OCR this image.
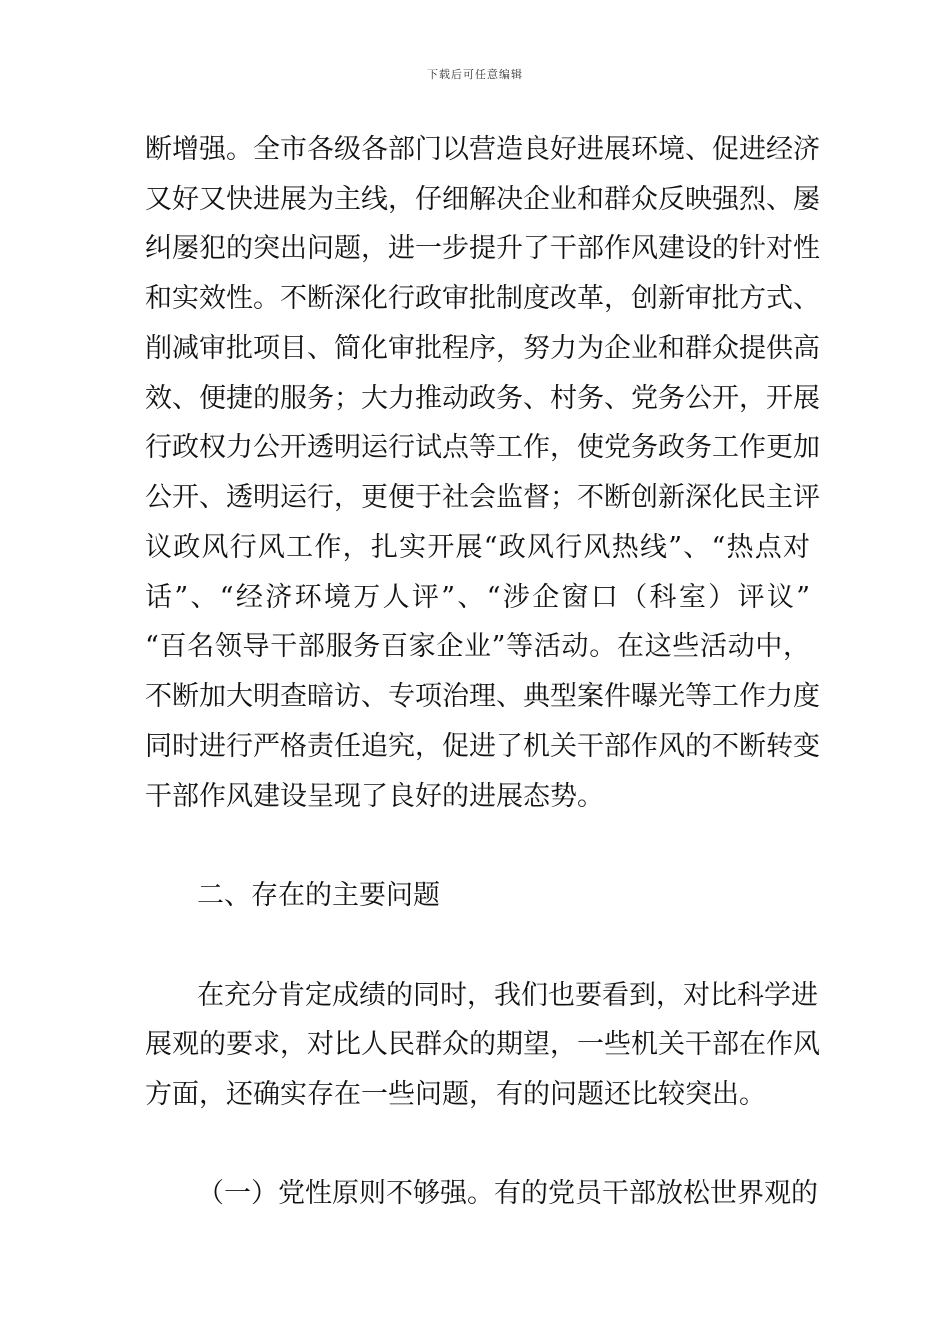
下载后可任意编辑
断增强。全市各级各部门以营造良好进展环境、促进经济
又好又快进展为主线，仔细解决企业和群众反映强烈、屡
纠屡犯的突出问题，进一步提升了干部作风建设的针对性
和实效性。不断深化行政审批制度改革，创新审批方式、
削减审批项目、简化审批程序，努力为企业和群众提供高
效、便捷的服务；大力推动政务、村务、党务公开，开展
行政权力公开透明运行试点等工作，使党务政务工作更加
公开、透明运行，更便于社会监督；不断创新深化民主评
议政风行风工作，扎实开展“政风行风热线”、“热点对
话”、“经济环境万人评”、“涉企窗口（科室）评议”
“百名领导干部服务百家企业”等活动。在这些活动中，
不断加大明查暗访、专项治理、典型案件曝光等工作力度
同时进行严格责任追究，促进了机关干部作风的不断转变
干部作风建设呈现了良好的进展态势。
二、存在的主要问题
在充分肯定成绩的同时，我们也要看到，对比科学进
展观的要求，对比人民群众的期望，一些机关干部在作风
方面，还确实存在一些问题，有的问题还比较突出。
（一）党性原则不够强。有的党员干部放松世界观的
